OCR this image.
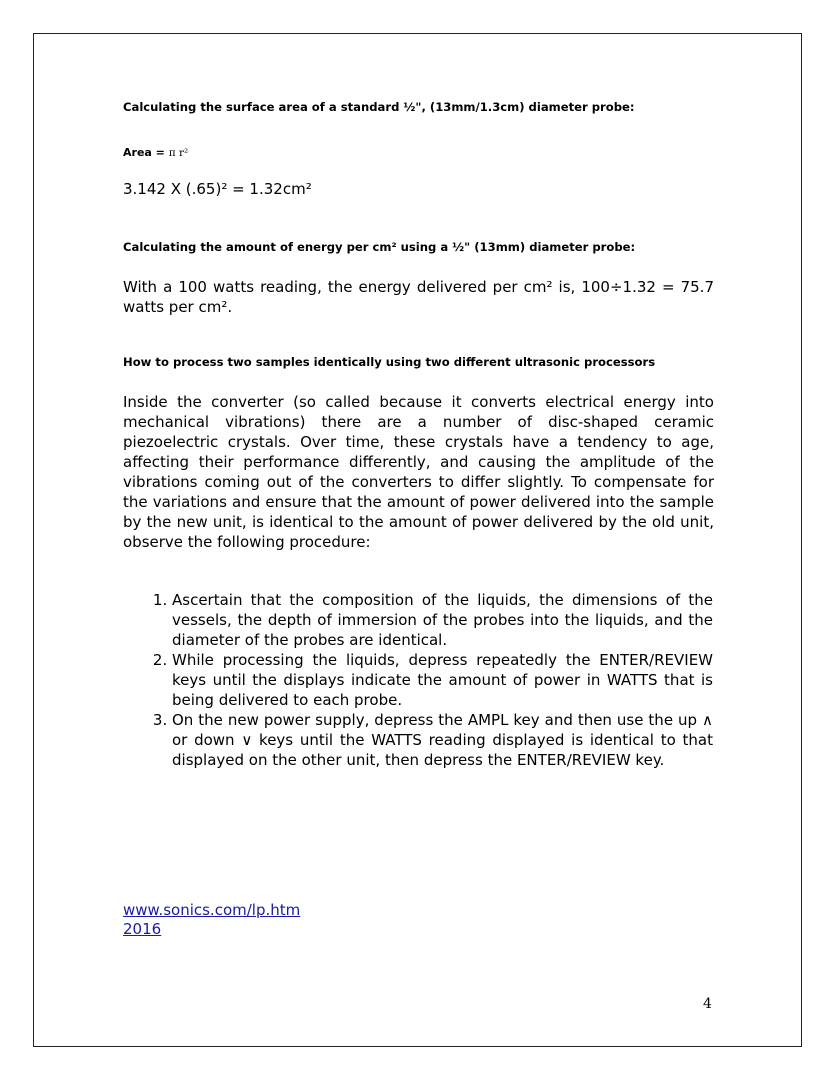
Calculating the surface area of a standard ½", (13mm/1.3cm) diameter probe:
Area = π r²
3.142 X (.65)² = 1.32cm²
Calculating the amount of energy per cm² using a ½" (13mm) diameter probe:
With a 100 watts reading, the energy delivered per cm² is, 100÷1.32 = 75.7 watts per cm².
How to process two samples identically using two different ultrasonic processors
Inside the converter (so called because it converts electrical energy into mechanical vibrations) there are a number of disc-shaped ceramic piezoelectric crystals. Over time, these crystals have a tendency to age, affecting their performance differently, and causing the amplitude of the vibrations coming out of the converters to differ slightly. To compensate for the variations and ensure that the amount of power delivered into the sample by the new unit, is identical to the amount of power delivered by the old unit, observe the following procedure:
1. Ascertain that the composition of the liquids, the dimensions of the vessels, the depth of immersion of the probes into the liquids, and the diameter of the probes are identical.
2. While processing the liquids, depress repeatedly the ENTER/REVIEW keys until the displays indicate the amount of power in WATTS that is being delivered to each probe.
3. On the new power supply, depress the AMPL key and then use the up ∧ or down ∨ keys until the WATTS reading displayed is identical to that displayed on the other unit, then depress the ENTER/REVIEW key.
www.sonics.com/lp.htm
2016
4
